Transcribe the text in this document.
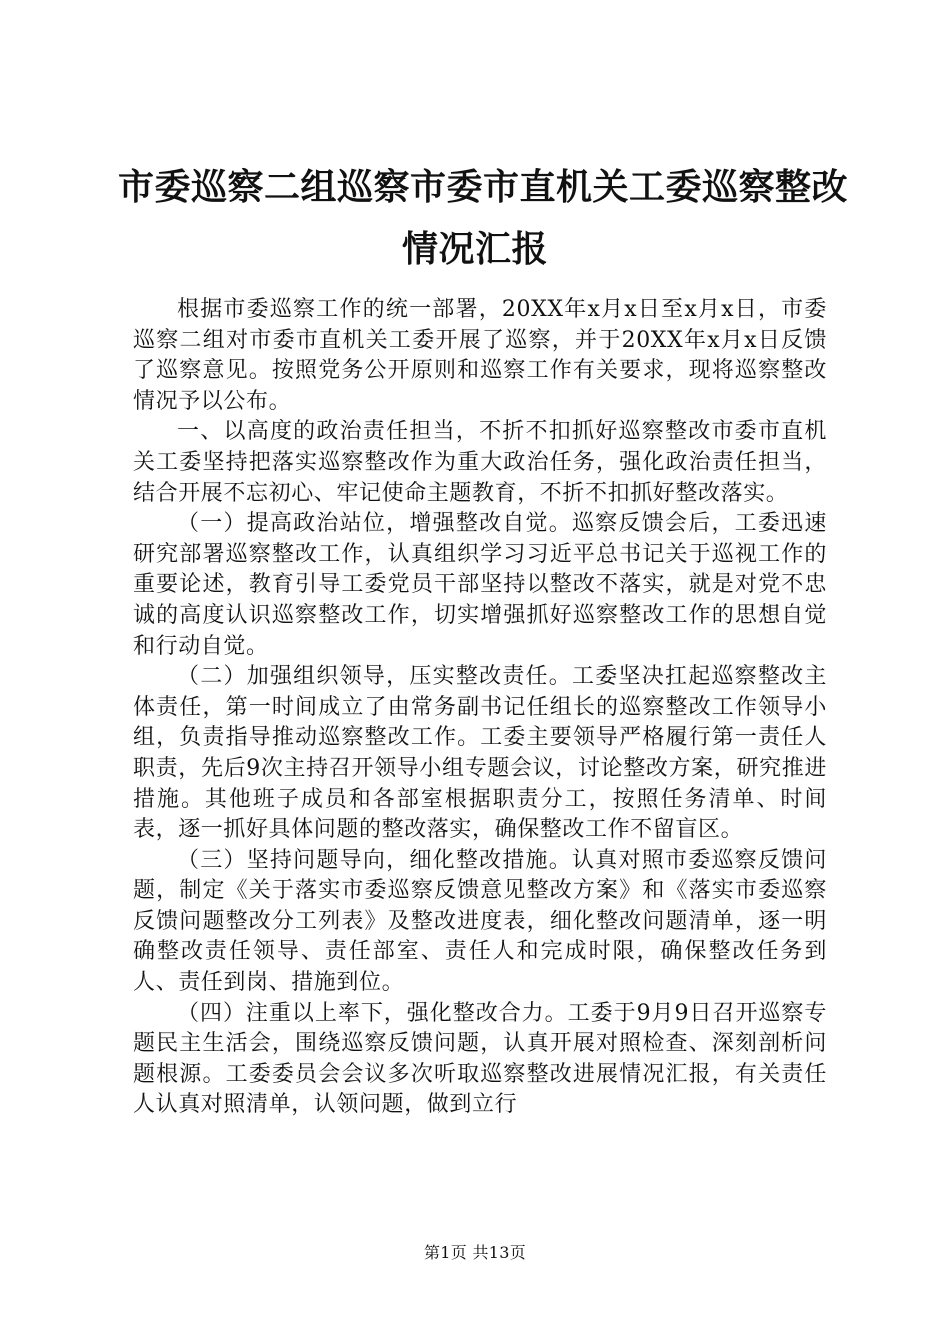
市委巡察二组巡察市委市直机关工委巡察整改
情况汇报

根据市委巡察工作的统一部署，20XX年x月x日至x月x日，市委巡察二组对市委市直机关工委开展了巡察，并于20XX年x月x日反馈了巡察意见。按照党务公开原则和巡察工作有关要求，现将巡察整改情况予以公布。

一、以高度的政治责任担当，不折不扣抓好巡察整改市委市直机关工委坚持把落实巡察整改作为重大政治任务，强化政治责任担当，结合开展不忘初心、牢记使命主题教育，不折不扣抓好整改落实。

（一）提高政治站位，增强整改自觉。巡察反馈会后，工委迅速研究部署巡察整改工作，认真组织学习习近平总书记关于巡视工作的重要论述，教育引导工委党员干部坚持以整改不落实，就是对党不忠诚的高度认识巡察整改工作，切实增强抓好巡察整改工作的思想自觉和行动自觉。

（二）加强组织领导，压实整改责任。工委坚决扛起巡察整改主体责任，第一时间成立了由常务副书记任组长的巡察整改工作领导小组，负责指导推动巡察整改工作。工委主要领导严格履行第一责任人职责，先后9次主持召开领导小组专题会议，讨论整改方案，研究推进措施。其他班子成员和各部室根据职责分工，按照任务清单、时间表，逐一抓好具体问题的整改落实，确保整改工作不留盲区。

（三）坚持问题导向，细化整改措施。认真对照市委巡察反馈问题，制定《关于落实市委巡察反馈意见整改方案》和《落实市委巡察反馈问题整改分工列表》及整改进度表，细化整改问题清单，逐一明确整改责任领导、责任部室、责任人和完成时限，确保整改任务到人、责任到岗、措施到位。

（四）注重以上率下，强化整改合力。工委于9月9日召开巡察专题民主生活会，围绕巡察反馈问题，认真开展对照检查、深刻剖析问题根源。工委委员会会议多次听取巡察整改进展情况汇报，有关责任人认真对照清单，认领问题，做到立行

第1页 共13页
